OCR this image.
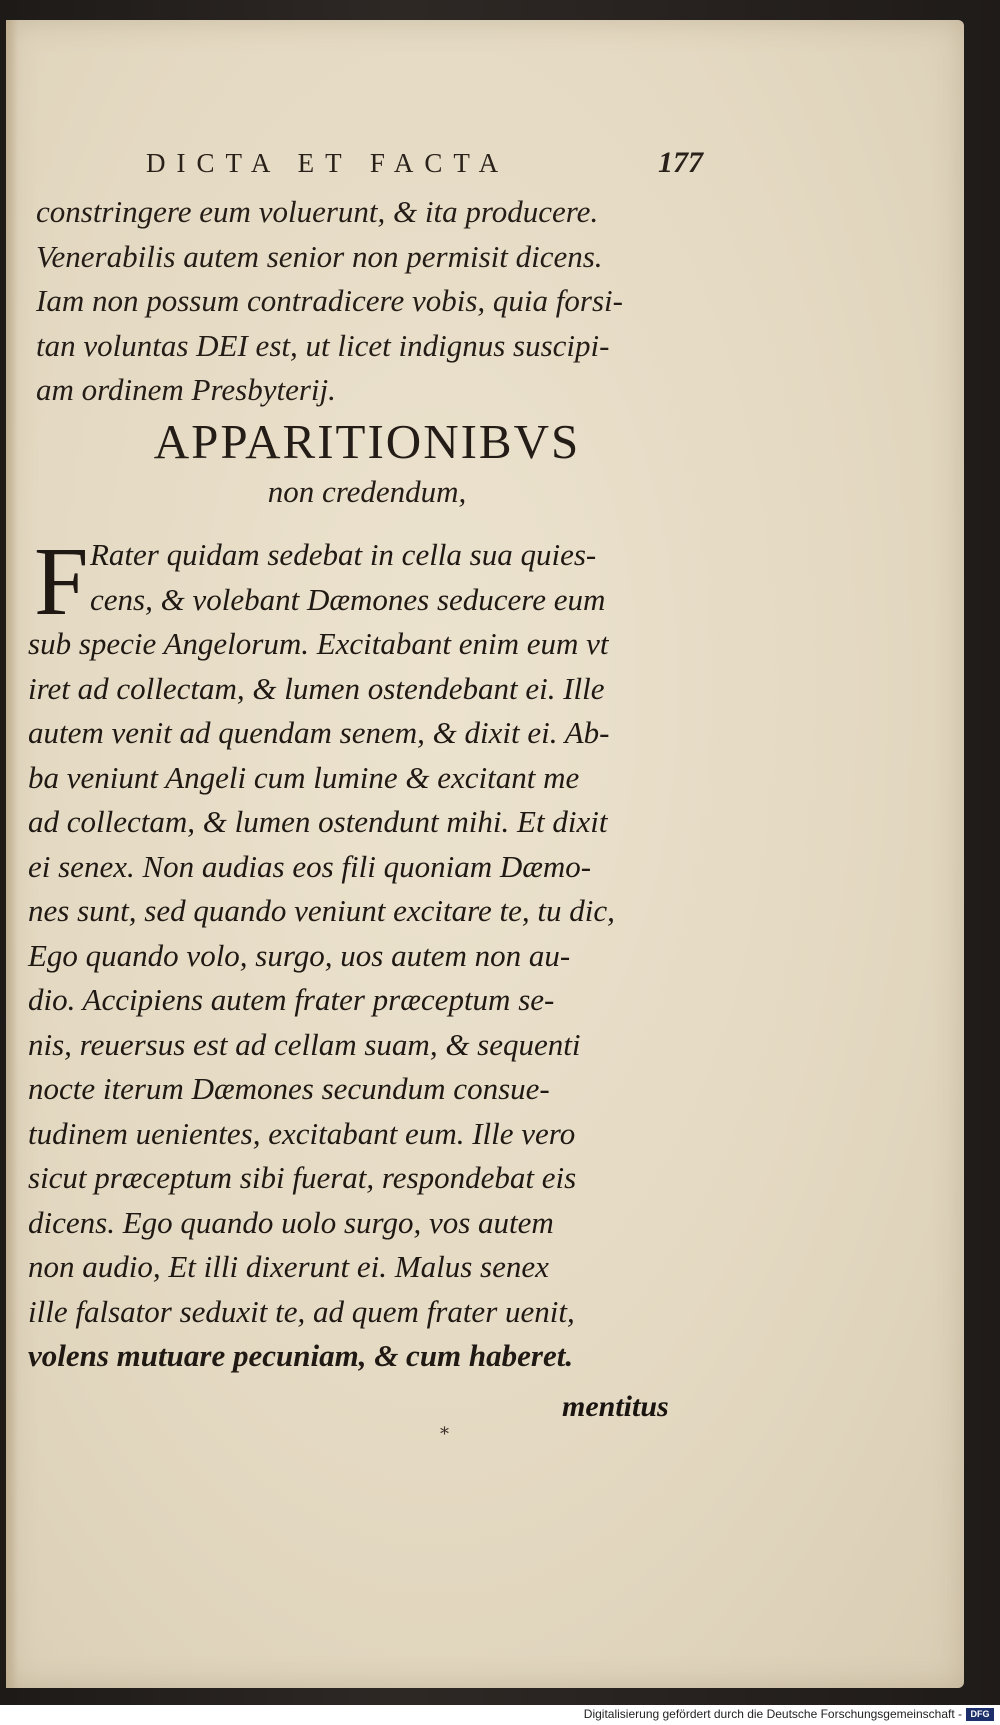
DICTA ET FACTA	177
constringere eum voluerunt, & ita producere.
Venerabilis autem senior non permisit dicens.
Iam non possum contradicere vobis, quia forsi-
tan voluntas DEI est, ut licet indignus suscipi-
am ordinem Presbyterij.
APPARITIONIBVS
non credendum,
F Rater quidam sedebat in cella sua quies-
cens, & volebant Dæmones seducere eum
sub specie Angelorum. Excitabant enim eum vt
iret ad collectam, & lumen ostendebant ei. Ille
autem venit ad quendam senem, & dixit ei. Ab-
ba veniunt Angeli cum lumine & excitant me
ad collectam, & lumen ostendunt mihi. Et dixit
ei senex. Non audias eos fili quoniam Dæmo-
nes sunt, sed quando veniunt excitare te, tu dic,
Ego quando volo, surgo, uos autem non au-
dio. Accipiens autem frater præceptum se-
nis, reuersus est ad cellam suam, & sequenti
nocte iterum Dæmones secundum consue-
tudinem uenientes, excitabant eum. Ille vero
sicut præceptum sibi fuerat, respondebat eis
dicens. Ego quando uolo surgo, vos autem
non audio, Et illi dixerunt ei. Malus senex
ille falsator seduxit te, ad quem frater uenit,
volens mutuare pecuniam, & cum haberet.
mentitus
⁎
Digitalisierung gefördert durch die Deutsche Forschungsgemeinschaft - DFG
